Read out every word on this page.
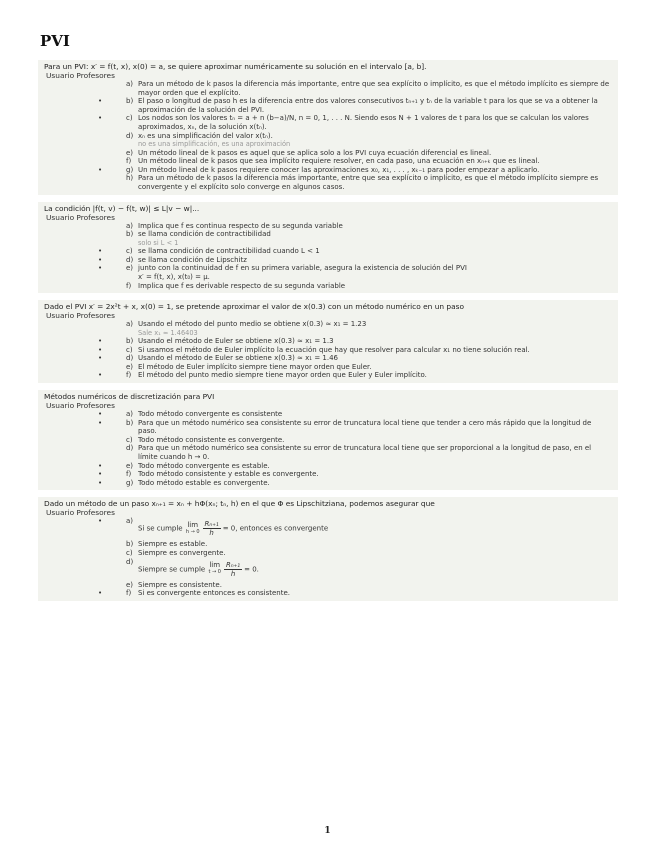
PVI
Para un PVI: x′ = f(t, x), x(0) = a, se quiere aproximar numéricamente su solución en el intervalo [a, b].
Usuario Profesores
a) Para un método de k pasos la diferencia más importante, entre que sea explícito o implícito, es que el método implícito es siempre de mayor orden que el explícito.
•	b) El paso o longitud de paso h es la diferencia entre dos valores consecutivos tₙ₊₁ y tₙ de la variable t para los que se va a obtener la aproximación de la solución del PVI.
•	c) Los nodos son los valores tₙ = a + n (b−a)/N, n = 0, 1, . . . N. Siendo esos N + 1 valores de t para los que se calculan los valores aproximados, xₙ, de la solución x(tₙ).
d) xₙ es una simplificación del valor x(tₙ).
no es una simplificación, es una aproximación
e) Un método lineal de k pasos es aquel que se aplica solo a los PVI cuya ecuación diferencial es lineal.
f) Un método lineal de k pasos que sea implícito requiere resolver, en cada paso, una ecuación en xₙ₊ₖ que es lineal.
•	g) Un método lineal de k pasos requiere conocer las aproximaciones x₀, x₁, . . . , xₖ₋₁ para poder empezar a aplicarlo.
h) Para un método de k pasos la diferencia más importante, entre que sea explícito o implícito, es que el método implícito siempre es convergente y el explícito solo converge en algunos casos.
La condición |f(t, v) − f(t, w)| ≤ L|v − w|...
Usuario Profesores
a) Implica que f es continua respecto de su segunda variable
b) se llama condición de contractibilidad
solo si L < 1
•	c) se llama condición de contractibilidad cuando L < 1
•	d) se llama condición de Lipschitz
•	e) junto con la continuidad de f en su primera variable, asegura la existencia de solución del PVI
x′ = f(t, x), x(t₀) = μ.
f) Implica que f es derivable respecto de su segunda variable
Dado el PVI x′ = 2x²t + x, x(0) = 1, se pretende aproximar el valor de x(0.3) con un método numérico en un paso
Usuario Profesores
a) Usando el método del punto medio se obtiene x(0.3) ≈ x₁ = 1.23
Sale x₁ ≈ 1.46403
•	b) Usando el método de Euler se obtiene x(0.3) ≈ x₁ = 1.3
•	c) Si usamos el método de Euler implícito la ecuación que hay que resolver para calcular x₁ no tiene solución real.
•	d) Usando el método de Euler se obtiene x(0.3) ≈ x₁ = 1.46
e) El método de Euler implícito siempre tiene mayor orden que Euler.
•	f) El método del punto medio siempre tiene mayor orden que Euler y Euler implícito.
Métodos numéricos de discretización para PVI
Usuario Profesores
•	a) Todo método convergente es consistente
•	b) Para que un método numérico sea consistente su error de truncatura local tiene que tender a cero más rápido que la longitud de paso.
c) Todo método consistente es convergente.
d) Para que un método numérico sea consistente su error de truncatura local tiene que ser proporcional a la longitud de paso, en el límite cuando h → 0.
•	e) Todo método convergente es estable.
•	f) Todo método consistente y estable es convergente.
•	g) Todo método estable es convergente.
Dado un método de un paso xₙ₊₁ = xₙ + hΦ(xₙ; tₙ, h) en el que Φ es Lipschitziana, podemos asegurar que
Usuario Profesores
•	a)
Si se cumple lim
$h \to 0 \frac{\text{Rₙ₊₁}}{h} = 0$, entonces es convergente
b) Siempre es estable.
c) Siempre es convergente.
d)
Siempre se cumple lim
$t \to 0 \frac{\text{Rₙ₊₁}}{h} = 0$.
e) Siempre es consistente.
•	f) Si es convergente entonces es consistente.
1
